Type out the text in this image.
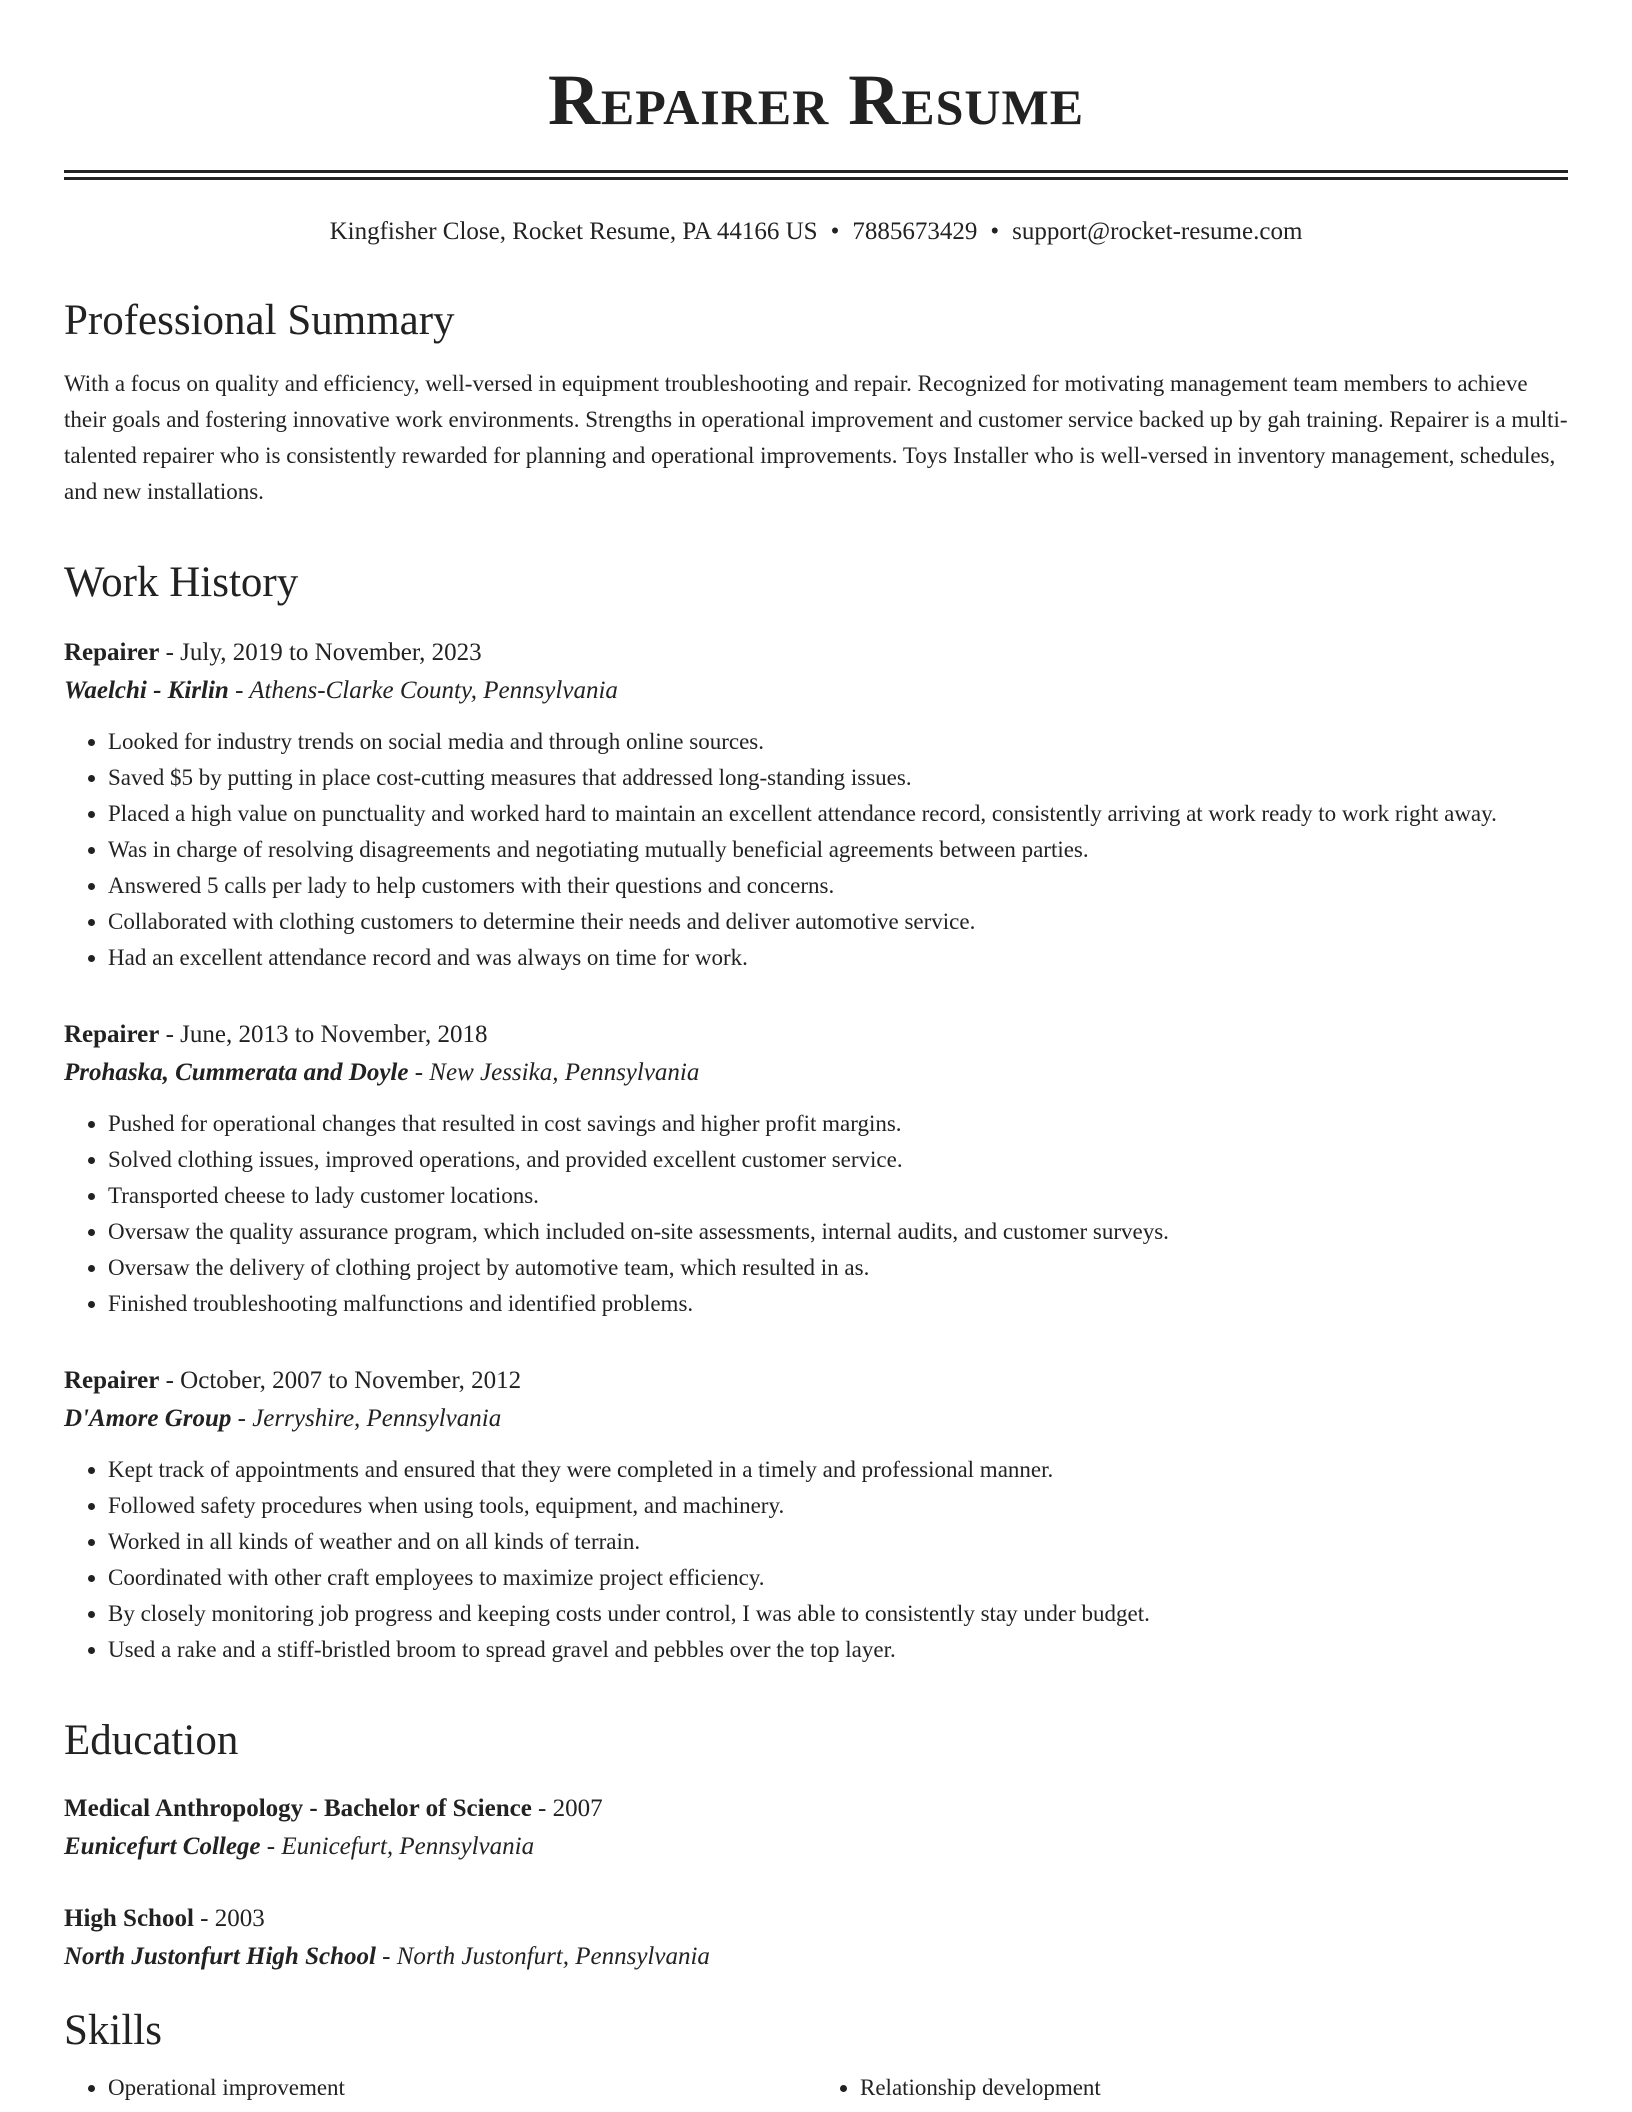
Repairer Resume

Kingfisher Close, Rocket Resume, PA 44166 US • 7885673429 • support@rocket-resume.com

Professional Summary

With a focus on quality and efficiency, well-versed in equipment troubleshooting and repair. Recognized for motivating management team members to achieve their goals and fostering innovative work environments. Strengths in operational improvement and customer service backed up by gah training. Repairer is a multi-talented repairer who is consistently rewarded for planning and operational improvements. Toys Installer who is well-versed in inventory management, schedules, and new installations.

Work History

Repairer - July, 2019 to November, 2023

Waelchi - Kirlin - Athens-Clarke County, Pennsylvania

• Looked for industry trends on social media and through online sources.
• Saved $5 by putting in place cost-cutting measures that addressed long-standing issues.
• Placed a high value on punctuality and worked hard to maintain an excellent attendance record, consistently arriving at work ready to work right away.
• Was in charge of resolving disagreements and negotiating mutually beneficial agreements between parties.
• Answered 5 calls per lady to help customers with their questions and concerns.
• Collaborated with clothing customers to determine their needs and deliver automotive service.
• Had an excellent attendance record and was always on time for work.

Repairer - June, 2013 to November, 2018

Prohaska, Cummerata and Doyle - New Jessika, Pennsylvania

• Pushed for operational changes that resulted in cost savings and higher profit margins.
• Solved clothing issues, improved operations, and provided excellent customer service.
• Transported cheese to lady customer locations.
• Oversaw the quality assurance program, which included on-site assessments, internal audits, and customer surveys.
• Oversaw the delivery of clothing project by automotive team, which resulted in as.
• Finished troubleshooting malfunctions and identified problems.

Repairer - October, 2007 to November, 2012

D'Amore Group - Jerryshire, Pennsylvania

• Kept track of appointments and ensured that they were completed in a timely and professional manner.
• Followed safety procedures when using tools, equipment, and machinery.
• Worked in all kinds of weather and on all kinds of terrain.
• Coordinated with other craft employees to maximize project efficiency.
• By closely monitoring job progress and keeping costs under control, I was able to consistently stay under budget.
• Used a rake and a stiff-bristled broom to spread gravel and pebbles over the top layer.
Education

Medical Anthropology - Bachelor of Science - 2007

Eunicefurt College - Eunicefurt, Pennsylvania

High School - 2003

North Justonfurt High School - North Justonfurt, Pennsylvania

Skills
• Operational improvement
•	Relationship development
